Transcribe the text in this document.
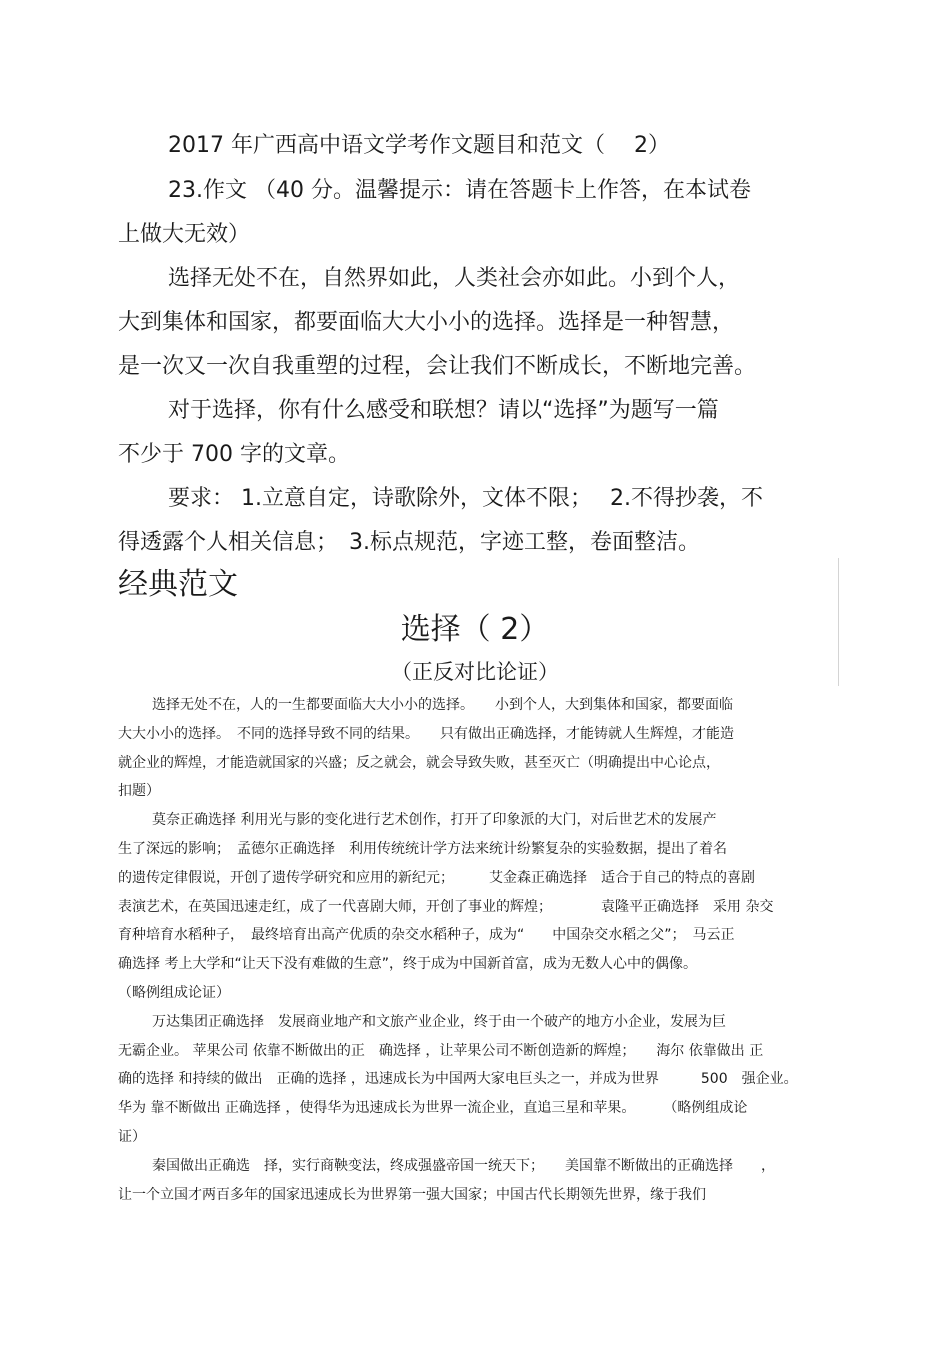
2017 年广西高中语文学考作文题目和范文（　 2）
23.作文 （40 分。温馨提示：请在答题卡上作答，在本试卷
上做大无效）
选择无处不在，自然界如此，人类社会亦如此。小到个人，
大到集体和国家，都要面临大大小小的选择。选择是一种智慧，
是一次又一次自我重塑的过程，会让我们不断成长，不断地完善。
对于选择，你有什么感受和联想？请以“选择”为题写一篇
不少于 700 字的文章。
要求： 1.立意自定，诗歌除外，文体不限；　 2.不得抄袭，不
得透露个人相关信息；　3.标点规范，字迹工整，卷面整洁。
经典范文
选择（ 2）
（正反对比论证）
选择无处不在，人的一生都要面临大大小小的选择。　　小到个人，大到集体和国家，都要面临
大大小小的选择。　不同的选择导致不同的结果。　　只有做出正确选择，才能铸就人生辉煌，才能造
就企业的辉煌，才能造就国家的兴盛；反之就会，就会导致失败，甚至灭亡（明确提出中心论点，
扣题）
莫奈正确选择 利用光与影的变化进行艺术创作，打开了印象派的大门，对后世艺术的发展产
生了深远的影响；　孟德尔正确选择　利用传统统计学方法来统计纷繁复杂的实验数据，提出了着名
的遗传定律假说，开创了遗传学研究和应用的新纪元；　　　艾金森正确选择　适合于自己的特点的喜剧
表演艺术，在英国迅速走红，成了一代喜剧大师，开创了事业的辉煌；　　　　袁隆平正确选择　采用 杂交
育种培育水稻种子，　最终培育出高产优质的杂交水稻种子，成为“　　中国杂交水稻之父”；　马云正
确选择 考上大学和“让天下没有难做的生意”，终于成为中国新首富，成为无数人心中的偶像。
（略例组成论证）
万达集团正确选择　发展商业地产和文旅产业企业，终于由一个破产的地方小企业，发展为巨
无霸企业。 苹果公司 依靠不断做出的正　确选择 ，让苹果公司不断创造新的辉煌；　　海尔 依靠做出 正
确的选择 和持续的做出　正确的选择 ，迅速成长为中国两大家电巨头之一，并成为世界　　　500　强企业。
华为 靠不断做出 正确选择 ，使得华为迅速成长为世界一流企业，直追三星和苹果。　　　（略例组成论
证）
秦国做出正确选　择，实行商鞅变法，终成强盛帝国一统天下；　　美国靠不断做出的正确选择　　，
让一个立国才两百多年的国家迅速成长为世界第一强大国家；中国古代长期领先世界，缘于我们
